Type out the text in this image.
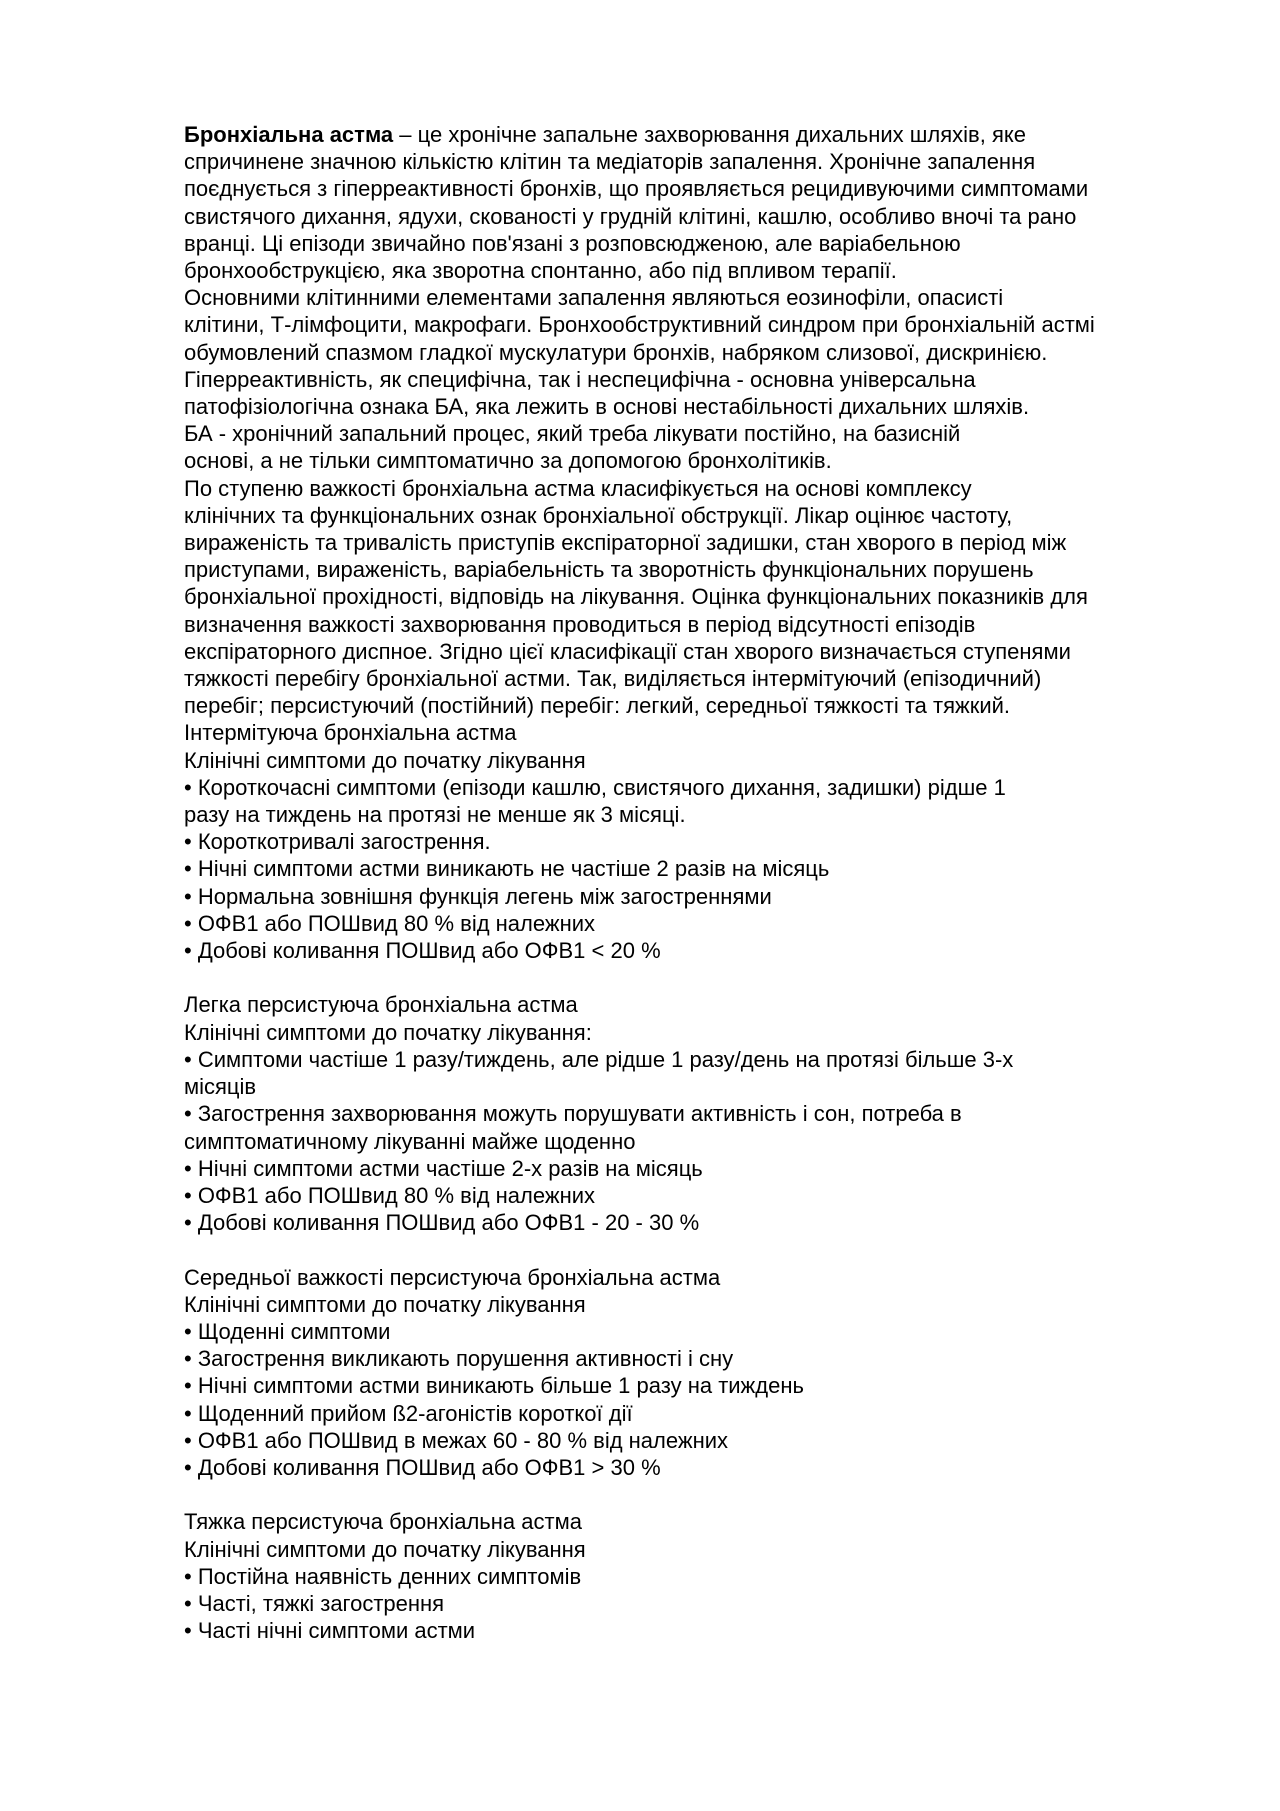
Бронхіальна астма – це хронічне запальне захворювання дихальних шляхів, яке
спричинене значною кількістю клітин та медіаторів запалення. Хронічне запалення
поєднується з гіперреактивності бронхів, що проявляється рецидивуючими симптомами
свистячого дихання, ядухи, скованості у грудній клітині, кашлю, особливо вночі та рано
вранці. Ці епізоди звичайно пов'язані з розповсюдженою, але варіабельною
бронхообструкцією, яка зворотна спонтанно, або під впливом терапії.
Основними клітинними елементами запалення являються еозинофіли, опасисті
клітини, Т-лімфоцити, макрофаги. Бронхообструктивний синдром при бронхіальній астмі
обумовлений спазмом гладкої мускулатури бронхів, набряком слизової, дискринією.
Гіперреактивність, як специфічна, так і неспецифічна - основна універсальна
патофізіологічна ознака БА, яка лежить в основі нестабільності дихальних шляхів.
БА - хронічний запальний процес, який треба лікувати постійно, на базисній
основі, а не тільки симптоматично за допомогою бронхолітиків.
По ступеню важкості бронхіальна астма класифікується на основі комплексу
клінічних та функціональних ознак бронхіальної обструкції. Лікар оцінює частоту,
вираженість та тривалість приступів експіраторної задишки, стан хворого в період між
приступами, вираженість, варіабельність та зворотність функціональних порушень
бронхіальної прохідності, відповідь на лікування. Оцінка функціональних показників для
визначення важкості захворювання проводиться в період відсутності епізодів
експіраторного диспное. Згідно цієї класифікації стан хворого визначається ступенями
тяжкості перебігу бронхіальної астми. Так, виділяється інтермітуючий (епізодичний)
перебіг; персистуючий (постійний) перебіг: легкий, середньої тяжкості та тяжкий.
Інтермітуюча бронхіальна астма
Клінічні симптоми до початку лікування
• Короткочасні симптоми (епізоди кашлю, свистячого дихання, задишки) рідше 1
разу на тиждень на протязі не менше як 3 місяці.
• Короткотривалі загострення.
• Нічні симптоми астми виникають не частіше 2 разів на місяць
• Нормальна зовнішня функція легень між загостреннями
• ОФВ1 або ПОШвид 80 % від належних
• Добові коливання ПОШвид або ОФВ1 < 20 %
Легка персистуюча бронхіальна астма
Клінічні симптоми до початку лікування:
• Симптоми частіше 1 разу/тиждень, але рідше 1 разу/день на протязі більше 3-х
місяців
• Загострення захворювання можуть порушувати активність і сон, потреба в
симптоматичному лікуванні майже щоденно
• Нічні симптоми астми частіше 2-х разів на місяць
• ОФВ1 або ПОШвид 80 % від належних
• Добові коливання ПОШвид або ОФВ1 - 20 - 30 %
Середньої важкості персистуюча бронхіальна астма
Клінічні симптоми до початку лікування
• Щоденні симптоми
• Загострення викликають порушення активності і сну
• Нічні симптоми астми виникають більше 1 разу на тиждень
• Щоденний прийом ß2-агоністів короткої дії
• ОФВ1 або ПОШвид в межах 60 - 80 % від належних
• Добові коливання ПОШвид або ОФВ1 > 30 %
Тяжка персистуюча бронхіальна астма
Клінічні симптоми до початку лікування
• Постійна наявність денних симптомів
• Часті, тяжкі загострення
• Часті нічні симптоми астми
